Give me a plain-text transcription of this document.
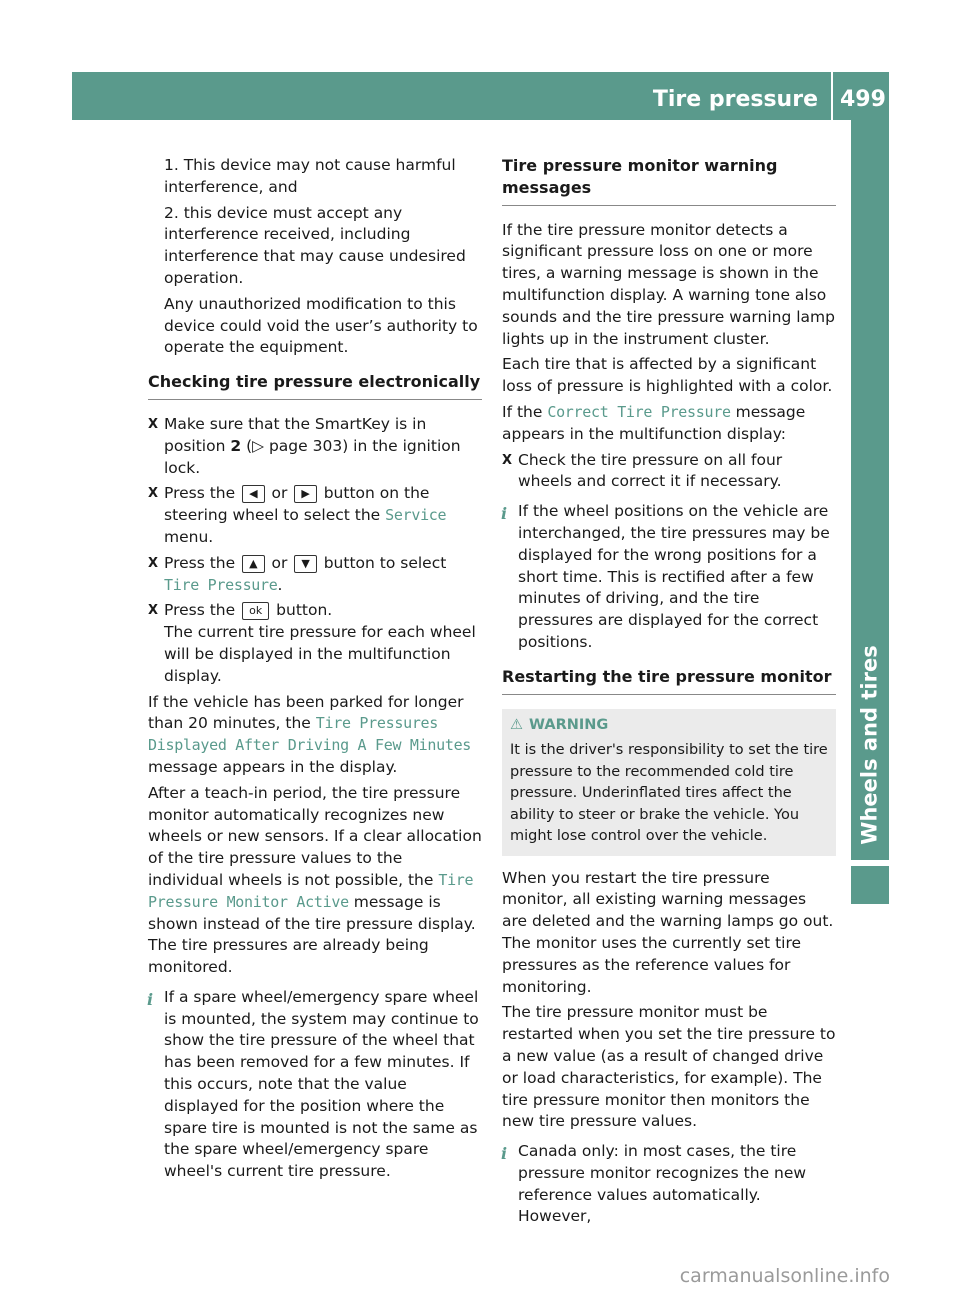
Tire pressure 499
Wheels and tires

1. This device may not cause harmful interference, and

2. this device must accept any interference received, including interference that may cause undesired operation.

Any unauthorized modification to this device could void the user’s authority to operate the equipment.

Checking tire pressure electronically
X Make sure that the SmartKey is in position 2 (▷ page 303) in the ignition lock.
X Press the ◀ or ▶ button on the steering wheel to select the Service menu.
X Press the ▲ or ▼ button to select Tire Pressure.
X Press the ok button.
The current tire pressure for each wheel will be displayed in the multifunction display.

If the vehicle has been parked for longer than 20 minutes, the Tire Pressures Displayed After Driving A Few Minutes message appears in the display.

After a teach-in period, the tire pressure monitor automatically recognizes new wheels or new sensors. If a clear allocation of the tire pressure values to the individual wheels is not possible, the Tire Pressure Monitor Active message is shown instead of the tire pressure display. The tire pressures are already being monitored.

i If a spare wheel/emergency spare wheel is mounted, the system may continue to show the tire pressure of the wheel that has been removed for a few minutes. If this occurs, note that the value displayed for the position where the spare tire is mounted is not the same as the spare wheel/emergency spare wheel's current tire pressure.
Tire pressure monitor warning messages

If the tire pressure monitor detects a significant pressure loss on one or more tires, a warning message is shown in the multifunction display. A warning tone also sounds and the tire pressure warning lamp lights up in the instrument cluster.

Each tire that is affected by a significant loss of pressure is highlighted with a color.

If the Correct Tire Pressure message appears in the multifunction display:

X Check the tire pressure on all four wheels and correct it if necessary.
i If the wheel positions on the vehicle are interchanged, the tire pressures may be displayed for the wrong positions for a short time. This is rectified after a few minutes of driving, and the tire pressures are displayed for the correct positions.
Restarting the tire pressure monitor
⚠ WARNING
It is the driver's responsibility to set the tire pressure to the recommended cold tire pressure. Underinflated tires affect the ability to steer or brake the vehicle. You might lose control over the vehicle.

When you restart the tire pressure monitor, all existing warning messages are deleted and the warning lamps go out. The monitor uses the currently set tire pressures as the reference values for monitoring.

The tire pressure monitor must be restarted when you set the tire pressure to a new value (as a result of changed drive or load characteristics, for example). The tire pressure monitor then monitors the new tire pressure values.

i Canada only: in most cases, the tire pressure monitor recognizes the new reference values automatically. However,
carmanualsonline.info
